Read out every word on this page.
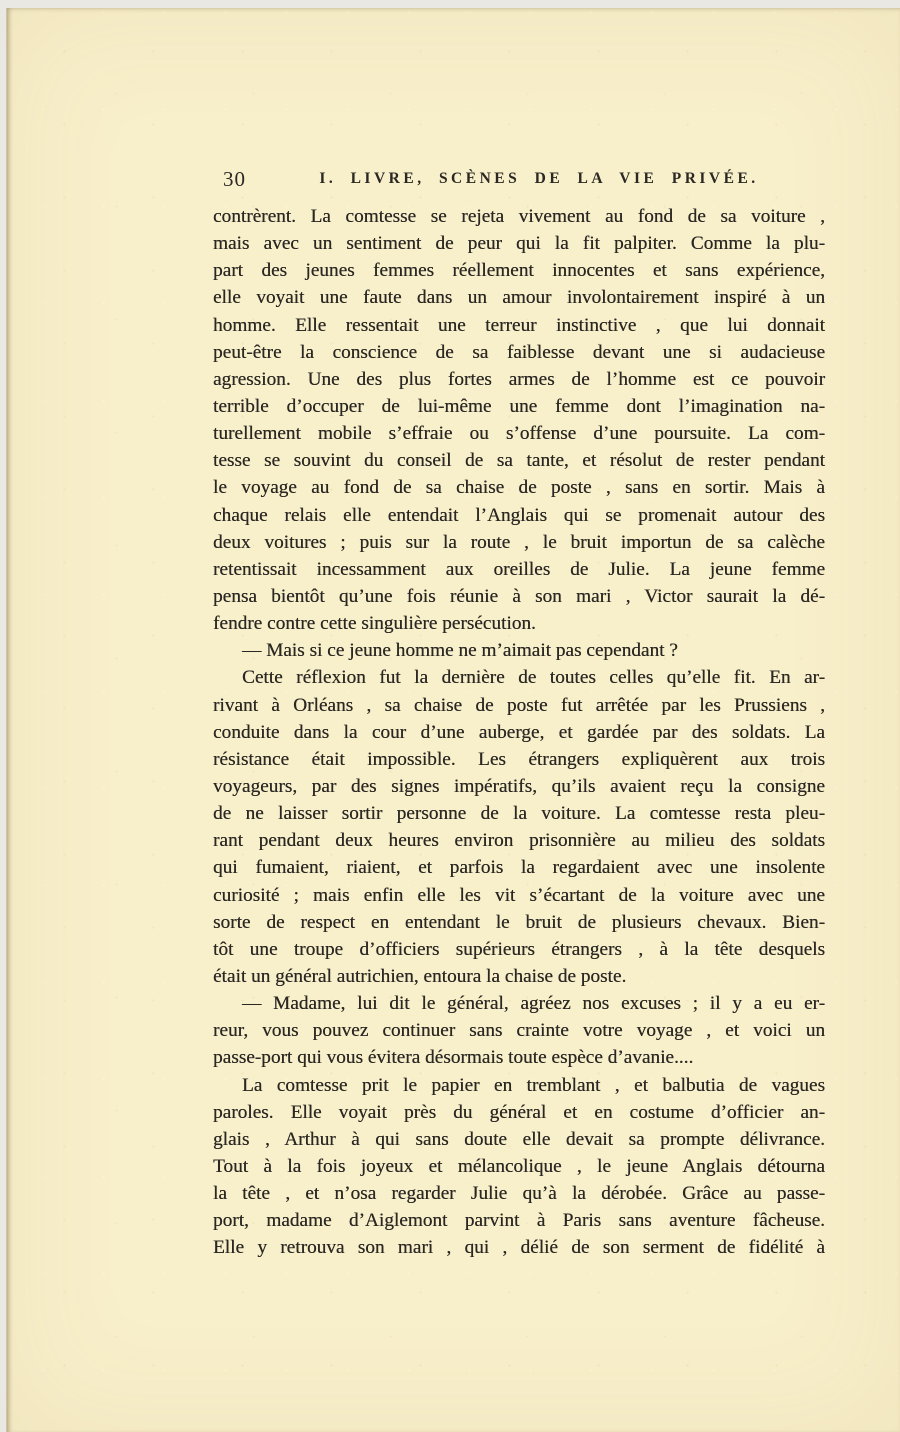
30	I. LIVRE, SCÈNES DE LA VIE PRIVÉE.
contrèrent. La comtesse se rejeta vivement au fond de sa voiture ,
mais avec un sentiment de peur qui la fit palpiter. Comme la plu-
part des jeunes femmes réellement innocentes et sans expérience,
elle voyait une faute dans un amour involontairement inspiré à un
homme. Elle ressentait une terreur instinctive , que lui donnait
peut-être la conscience de sa faiblesse devant une si audacieuse
agression. Une des plus fortes armes de l’homme est ce pouvoir
terrible d’occuper de lui-même une femme dont l’imagination na-
turellement mobile s’effraie ou s’offense d’une poursuite. La com-
tesse se souvint du conseil de sa tante, et résolut de rester pendant
le voyage au fond de sa chaise de poste , sans en sortir. Mais à
chaque relais elle entendait l’Anglais qui se promenait autour des
deux voitures ; puis sur la route , le bruit importun de sa calèche
retentissait incessamment aux oreilles de Julie. La jeune femme
pensa bientôt qu’une fois réunie à son mari , Victor saurait la dé-
fendre contre cette singulière persécution.
— Mais si ce jeune homme ne m’aimait pas cependant ?
Cette réflexion fut la dernière de toutes celles qu’elle fit. En ar-
rivant à Orléans , sa chaise de poste fut arrêtée par les Prussiens ,
conduite dans la cour d’une auberge, et gardée par des soldats. La
résistance était impossible. Les étrangers expliquèrent aux trois
voyageurs, par des signes impératifs, qu’ils avaient reçu la consigne
de ne laisser sortir personne de la voiture. La comtesse resta pleu-
rant pendant deux heures environ prisonnière au milieu des soldats
qui fumaient, riaient, et parfois la regardaient avec une insolente
curiosité ; mais enfin elle les vit s’écartant de la voiture avec une
sorte de respect en entendant le bruit de plusieurs chevaux. Bien-
tôt une troupe d’officiers supérieurs étrangers , à la tête desquels
était un général autrichien, entoura la chaise de poste.
— Madame, lui dit le général, agréez nos excuses ; il y a eu er-
reur, vous pouvez continuer sans crainte votre voyage , et voici un
passe-port qui vous évitera désormais toute espèce d’avanie....
La comtesse prit le papier en tremblant , et balbutia de vagues
paroles. Elle voyait près du général et en costume d’officier an-
glais , Arthur à qui sans doute elle devait sa prompte délivrance.
Tout à la fois joyeux et mélancolique , le jeune Anglais détourna
la tête , et n’osa regarder Julie qu’à la dérobée. Grâce au passe-
port, madame d’Aiglemont parvint à Paris sans aventure fâcheuse.
Elle y retrouva son mari , qui , délié de son serment de fidélité à
